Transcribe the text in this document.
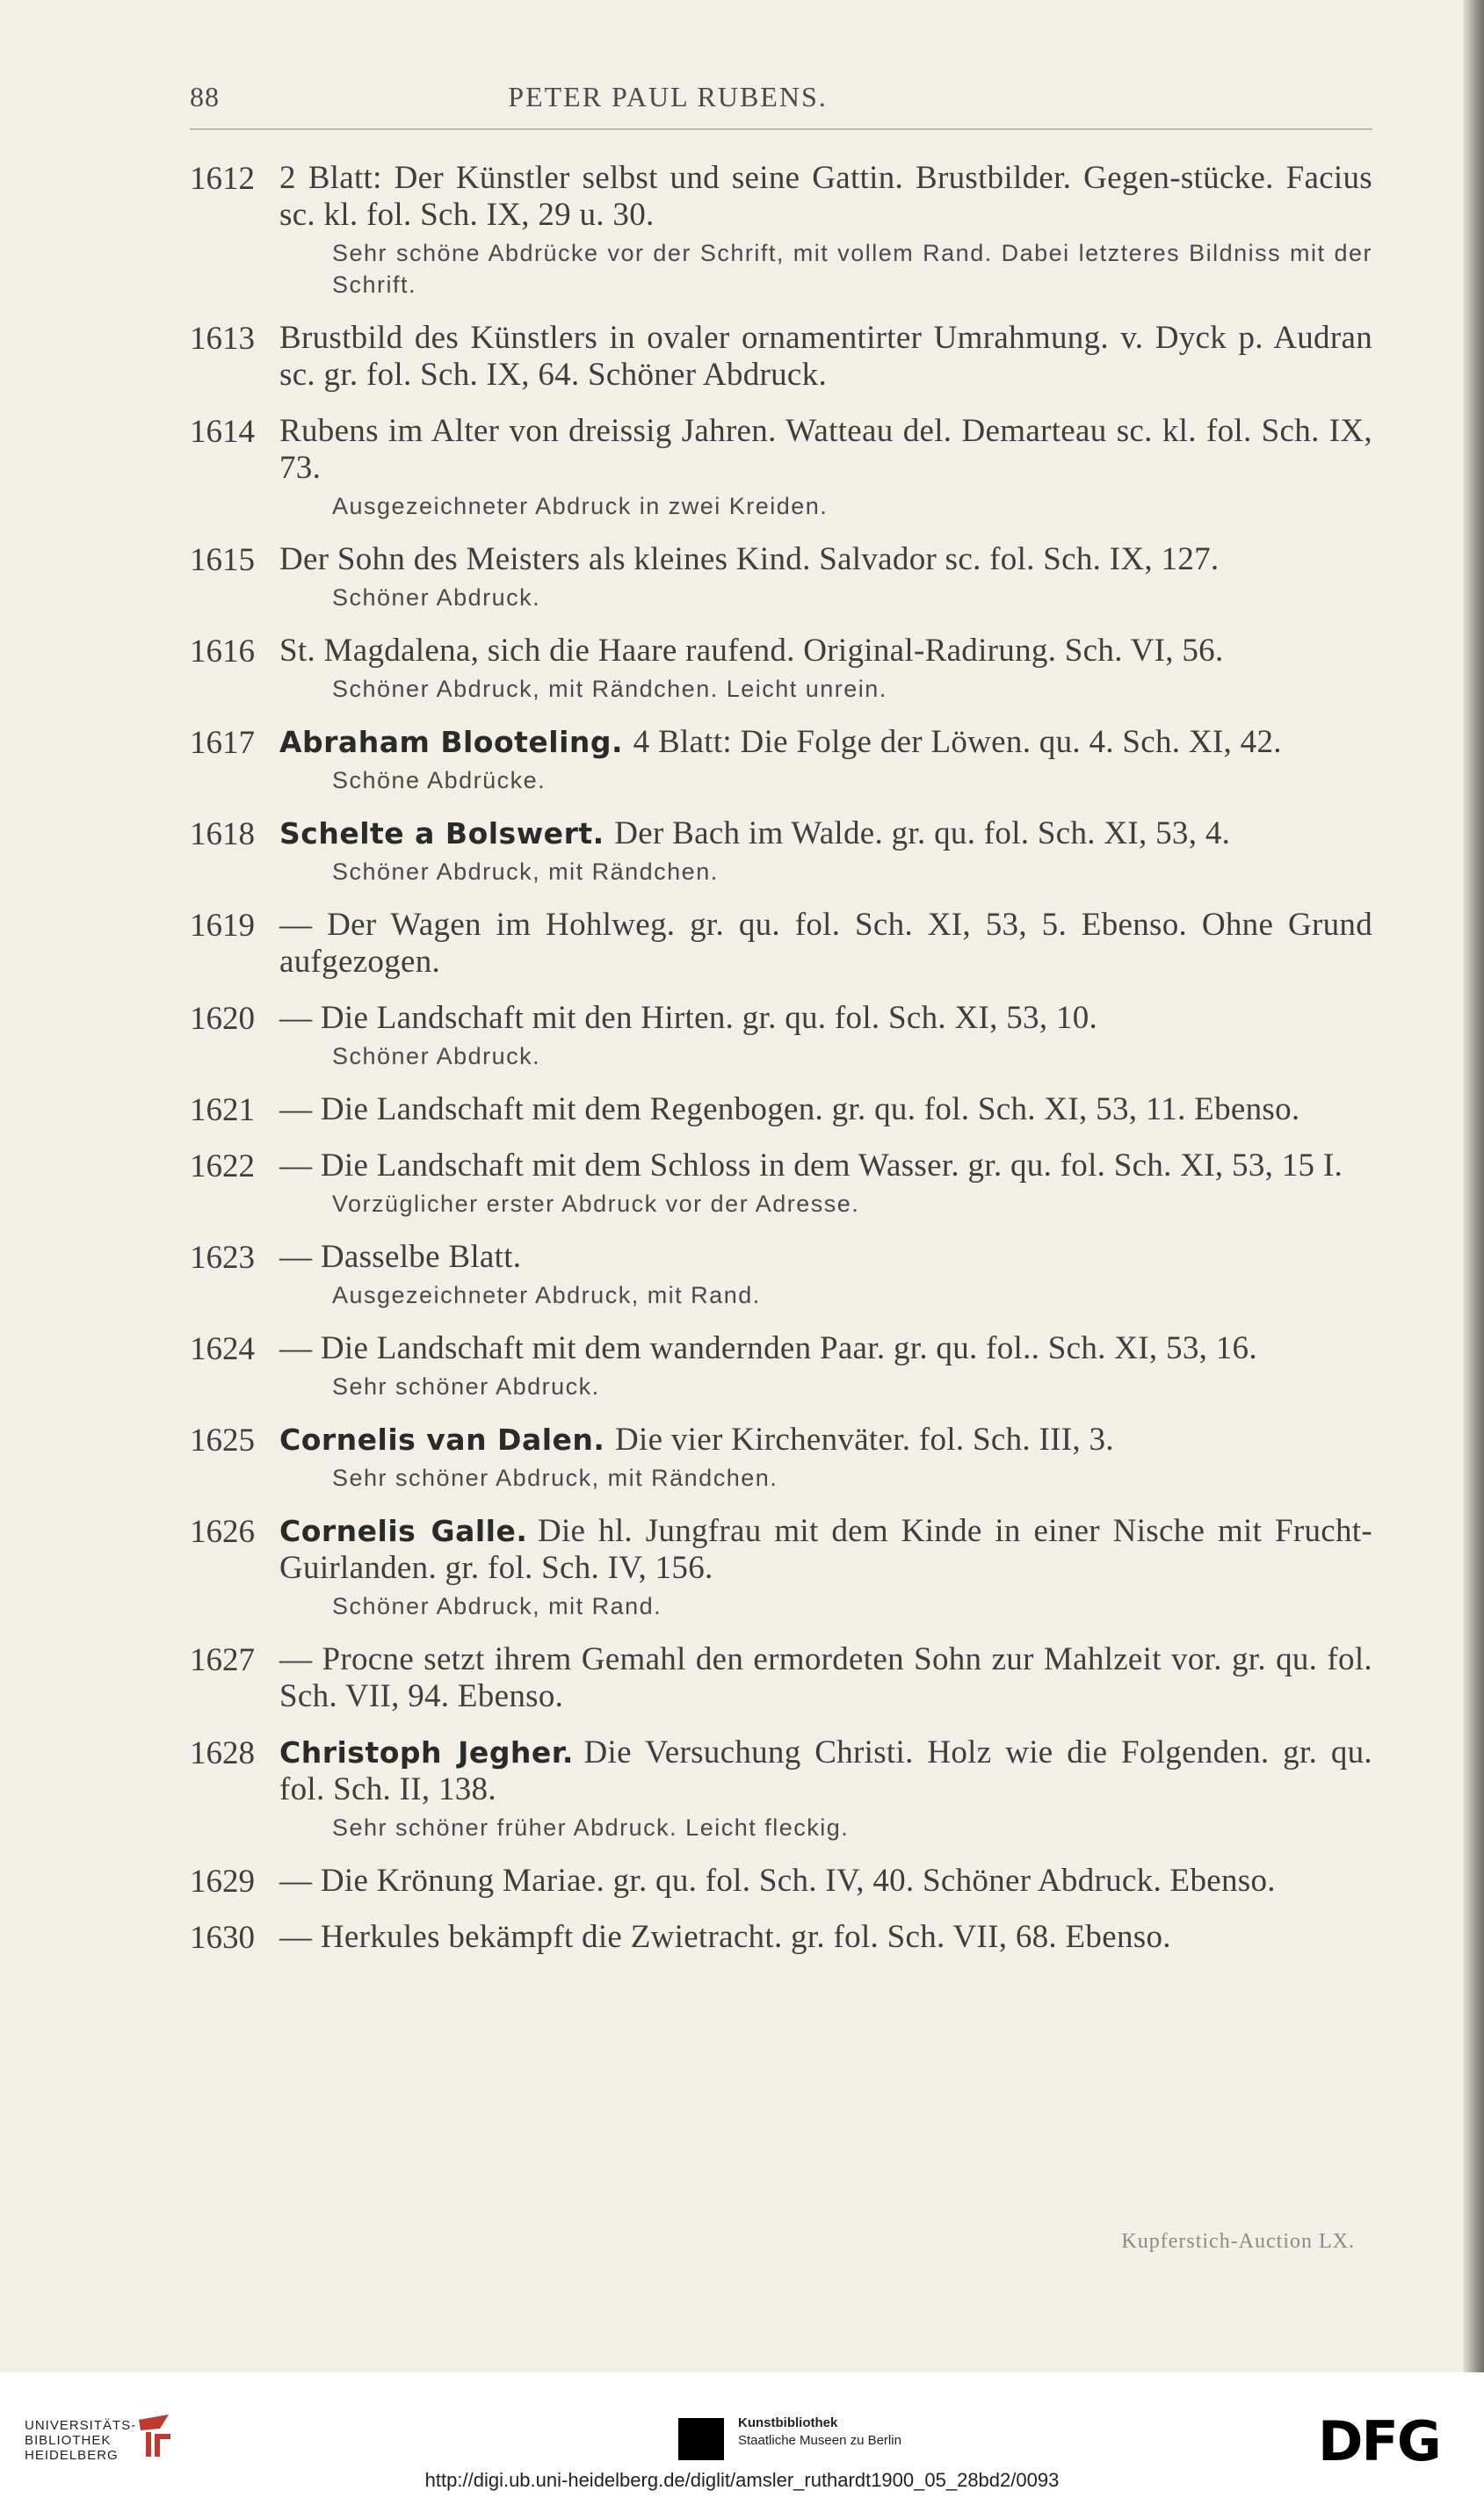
88	PETER PAUL RUBENS.
1612 2 Blatt: Der Künstler selbst und seine Gattin. Brustbilder. Gegen-stücke. Facius sc. kl. fol. Sch. IX, 29 u. 30.
Sehr schöne Abdrücke vor der Schrift, mit vollem Rand. Dabei letzteres Bildniss mit der Schrift.
1613 Brustbild des Künstlers in ovaler ornamentirter Umrahmung. v. Dyck p. Audran sc. gr. fol. Sch. IX, 64. Schöner Abdruck.
1614 Rubens im Alter von dreissig Jahren. Watteau del. Demarteau sc. kl. fol. Sch. IX, 73.
Ausgezeichneter Abdruck in zwei Kreiden.
1615 Der Sohn des Meisters als kleines Kind. Salvador sc. fol. Sch. IX, 127.
Schöner Abdruck.
1616 St. Magdalena, sich die Haare raufend. Original-Radirung. Sch. VI, 56.
Schöner Abdruck, mit Rändchen. Leicht unrein.
1617 Abraham Blooteling. 4 Blatt: Die Folge der Löwen. qu. 4. Sch. XI, 42.
Schöne Abdrücke.
1618 Schelte a Bolswert. Der Bach im Walde. gr. qu. fol. Sch. XI, 53, 4.
Schöner Abdruck, mit Rändchen.
1619 — Der Wagen im Hohlweg. gr. qu. fol. Sch. XI, 53, 5. Ebenso. Ohne Grund aufgezogen.
1620 — Die Landschaft mit den Hirten. gr. qu. fol. Sch. XI, 53, 10.
Schöner Abdruck.
1621 — Die Landschaft mit dem Regenbogen. gr. qu. fol. Sch. XI, 53, 11. Ebenso.
1622 — Die Landschaft mit dem Schloss in dem Wasser. gr. qu. fol. Sch. XI, 53, 15 I.
Vorzüglicher erster Abdruck vor der Adresse.
1623 — Dasselbe Blatt.
Ausgezeichneter Abdruck, mit Rand.
1624 — Die Landschaft mit dem wandernden Paar. gr. qu. fol.. Sch. XI, 53, 16.
Sehr schöner Abdruck.
1625 Cornelis van Dalen. Die vier Kirchenväter. fol. Sch. III, 3.
Sehr schöner Abdruck, mit Rändchen.
1626 Cornelis Galle. Die hl. Jungfrau mit dem Kinde in einer Nische mit Frucht-Guirlanden. gr. fol. Sch. IV, 156.
Schöner Abdruck, mit Rand.
1627 — Procne setzt ihrem Gemahl den ermordeten Sohn zur Mahlzeit vor. gr. qu. fol. Sch. VII, 94. Ebenso.
1628 Christoph Jegher. Die Versuchung Christi. Holz wie die Folgenden. gr. qu. fol. Sch. II, 138.
Sehr schöner früher Abdruck. Leicht fleckig.
1629 — Die Krönung Mariae. gr. qu. fol. Sch. IV, 40. Schöner Abdruck. Ebenso.
1630 — Herkules bekämpft die Zwietracht. gr. fol. Sch. VII, 68. Ebenso.
Kupferstich-Auction LX.
UNIVERSITÄTS-
BIBLIOTHEK
HEIDELBERG
Kunstbibliothek
Staatliche Museen zu Berlin	DFG
http://digi.ub.uni-heidelberg.de/diglit/amsler_ruthardt1900_05_28bd2/0093
